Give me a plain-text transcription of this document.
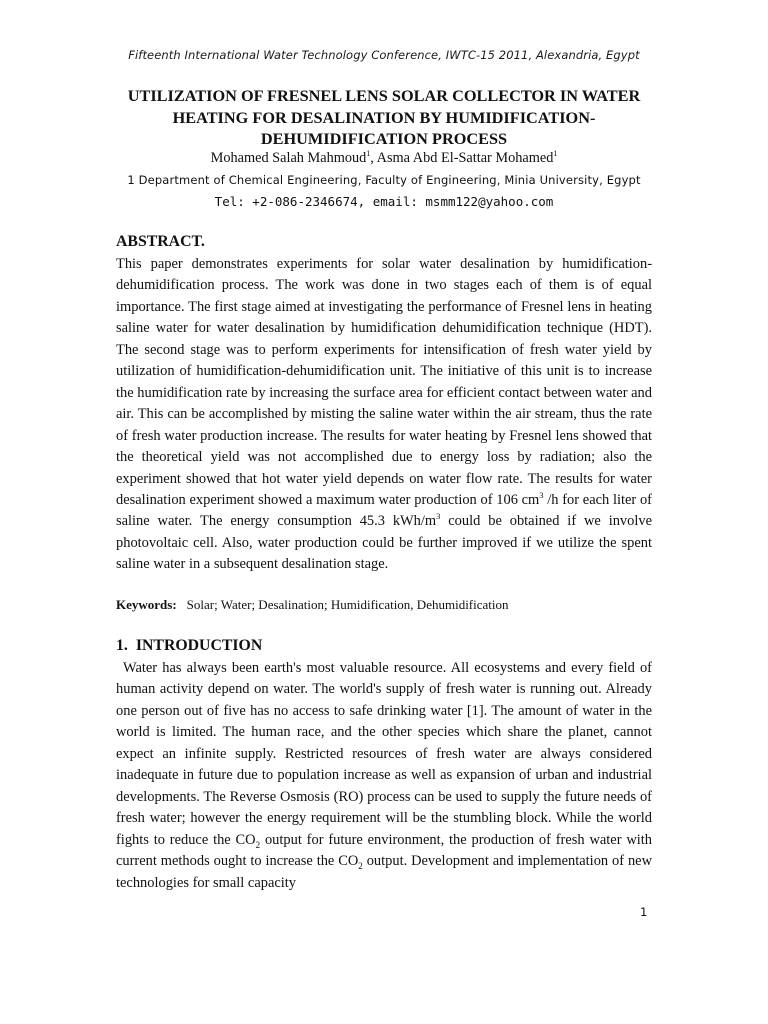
Fifteenth International Water Technology Conference, IWTC-15 2011, Alexandria, Egypt
UTILIZATION OF FRESNEL LENS SOLAR COLLECTOR IN WATER HEATING FOR DESALINATION BY HUMIDIFICATION-DEHUMIDIFICATION PROCESS
Mohamed Salah Mahmoud$^1$, Asma Abd El-Sattar Mohamed$^1$
1 Department of Chemical Engineering, Faculty of Engineering, Minia University, Egypt
Tel: +2-086-2346674, email: msmm122@yahoo.com
ABSTRACT.

This paper demonstrates experiments for solar water desalination by humidification-dehumidification process. The work was done in two stages each of them is of equal importance. The first stage aimed at investigating the performance of Fresnel lens in heating saline water for water desalination by humidification dehumidification technique (HDT). The second stage was to perform experiments for intensification of fresh water yield by utilization of humidification-dehumidification unit. The initiative of this unit is to increase the humidification rate by increasing the surface area for efficient contact between water and air. This can be accomplished by misting the saline water within the air stream, thus the rate of fresh water production increase. The results for water heating by Fresnel lens showed that the theoretical yield was not accomplished due to energy loss by radiation; also the experiment showed that hot water yield depends on water flow rate. The results for water desalination experiment showed a maximum water production of 106 $cm^3$ /h for each liter of saline water. The energy consumption 45.3 kWh/$m^3$ could be obtained if we involve photovoltaic cell. Also, water production could be further improved if we utilize the spent saline water in a subsequent desalination stage.

Keywords: Solar; Water; Desalination; Humidification, Dehumidification

1. INTRODUCTION

Water has always been earth's most valuable resource. All ecosystems and every field of human activity depend on water. The world's supply of fresh water is running out. Already one person out of five has no access to safe drinking water [1]. The amount of water in the world is limited. The human race, and the other species which share the planet, cannot expect an infinite supply. Restricted resources of fresh water are always considered inadequate in future due to population increase as well as expansion of urban and industrial developments. The Reverse Osmosis (RO) process can be used to supply the future needs of fresh water; however the energy requirement will be the stumbling block. While the world fights to reduce the $CO_2$ output for future environment, the production of fresh water with current methods ought to increase the $CO_2$ output. Development and implementation of new technologies for small capacity

1
